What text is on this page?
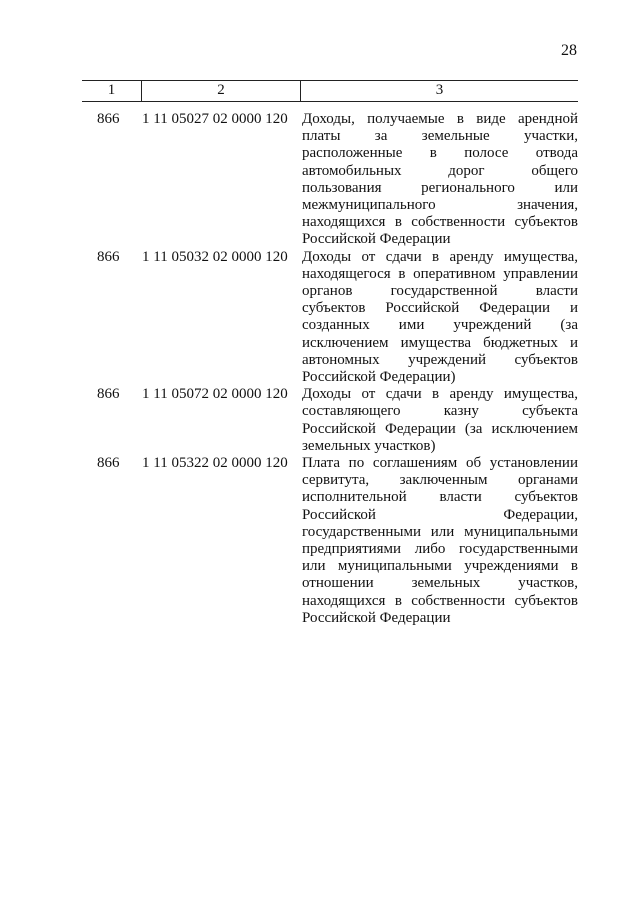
28
1	2	3
866	1 11 05027 02 0000 120 Доходы, получаемые в виде арендной
платы за земельные участки,
расположенные в полосе отвода
автомобильных дорог общего
пользования регионального или
межмуниципального значения,
находящихся в собственности субъектов
Российской Федерации
866	1 11 05032 02 0000 120 Доходы от сдачи в аренду имущества,
находящегося в оперативном управлении
органов государственной власти
субъектов Российской Федерации и
созданных ими учреждений (за
исключением имущества бюджетных и
автономных учреждений субъектов
Российской Федерации)
866	1 11 05072 02 0000 120 Доходы от сдачи в аренду имущества,
составляющего казну субъекта
Российской Федерации (за исключением
земельных участков)
866	1 11 05322 02 0000 120 Плата по соглашениям об установлении
сервитута, заключенным органами
исполнительной власти субъектов
Российской Федерации,
государственными или муниципальными
предприятиями либо государственными
или муниципальными учреждениями в
отношении земельных участков,
находящихся в собственности субъектов
Российской Федерации
